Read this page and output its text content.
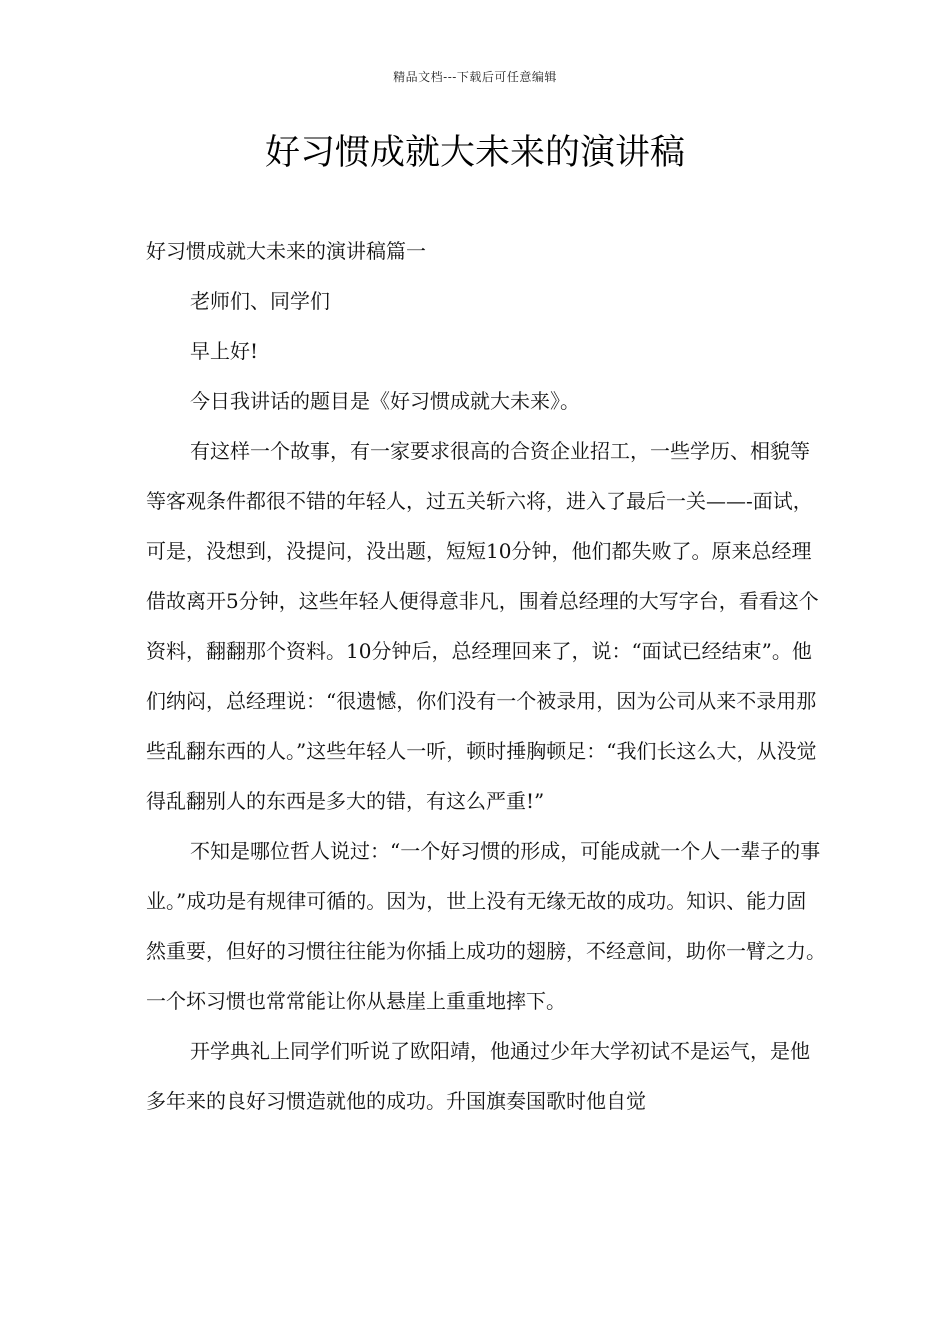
精品文档---下载后可任意编辑
好习惯成就大未来的演讲稿

好习惯成就大未来的演讲稿篇一

老师们、同学们

早上好!

今日我讲话的题目是《好习惯成就大未来》。

有这样一个故事，有一家要求很高的合资企业招工，一些学历、相貌等等客观条件都很不错的年轻人，过五关斩六将，进入了最后一关——-面试，可是，没想到，没提问，没出题，短短10分钟，他们都失败了。原来总经理借故离开5分钟，这些年轻人便得意非凡，围着总经理的大写字台，看看这个资料，翻翻那个资料。10分钟后，总经理回来了，说：“面试已经结束”。他们纳闷，总经理说：“很遗憾，你们没有一个被录用，因为公司从来不录用那些乱翻东西的人。”这些年轻人一听，顿时捶胸顿足：“我们长这么大，从没觉得乱翻别人的东西是多大的错，有这么严重!”

不知是哪位哲人说过：“一个好习惯的形成，可能成就一个人一辈子的事业。”成功是有规律可循的。因为，世上没有无缘无故的成功。知识、能力固然重要，但好的习惯往往能为你插上成功的翅膀，不经意间，助你一臂之力。一个坏习惯也常常能让你从悬崖上重重地摔下。

开学典礼上同学们听说了欧阳靖，他通过少年大学初试不是运气，是他多年来的良好习惯造就他的成功。升国旗奏国歌时他自觉
